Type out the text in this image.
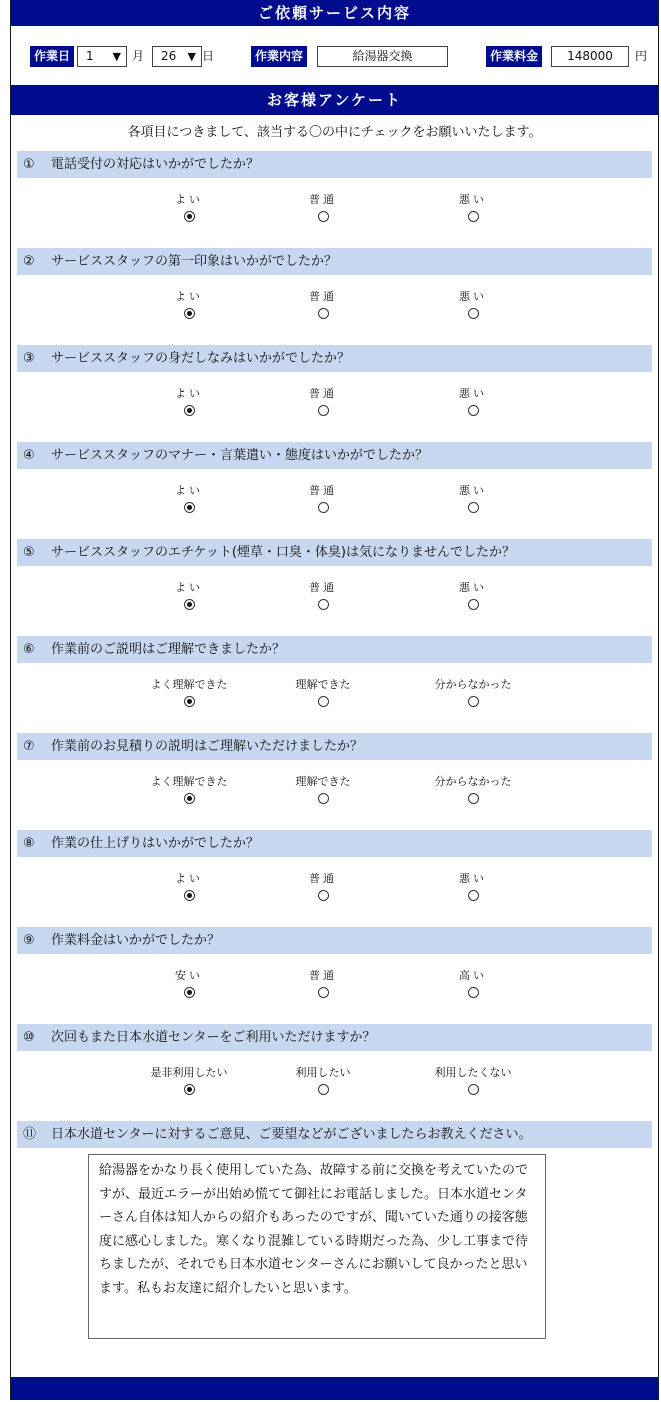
ご依頼サービス内容
作業日	1 ▼ 月 26 ▼ 日	作業内容	給湯器交換	作業料金	148000	円
お客様アンケート
各項目につきまして、該当する〇の中にチェックをお願いいたします。
① 電話受付の対応はいかがでしたか？
よい	普通	悪い
② サービススタッフの第一印象はいかがでしたか？
よい	普通	悪い
③ サービススタッフの身だしなみはいかがでしたか？
よい	普通	悪い
④ サービススタッフのマナー・言葉遣い・態度はいかがでしたか？
よい	普通	悪い
⑤ サービススタッフのエチケット(煙草・口臭・体臭)は気になりませんでしたか？
よい	普通	悪い
⑥ 作業前のご説明はご理解できましたか？
よく理解できた	理解できた	分からなかった
⑦ 作業前のお見積りの説明はご理解いただけましたか？
よく理解できた	理解できた	分からなかった
⑧ 作業の仕上げりはいかがでしたか？
よい	普通	悪い
⑨ 作業料金はいかがでしたか？
安い	普通	高い
⑩ 次回もまた日本水道センターをご利用いただけますか？
是非利用したい	利用したい	利用したくない
⑪ 日本水道センターに対するご意見、ご要望などがございましたらお教えください。
給湯器をかなり長く使用していた為、故障する前に交換を考えていたのですが、最近エラーが出始め慌てて御社にお電話しました。日本水道センターさん自体は知人からの紹介もあったのですが、聞いていた通りの接客態度に感心しました。寒くなり混雑している時期だった為、少し工事まで待ちましたが、それでも日本水道センターさんにお願いして良かったと思います。私もお友達に紹介したいと思います。
